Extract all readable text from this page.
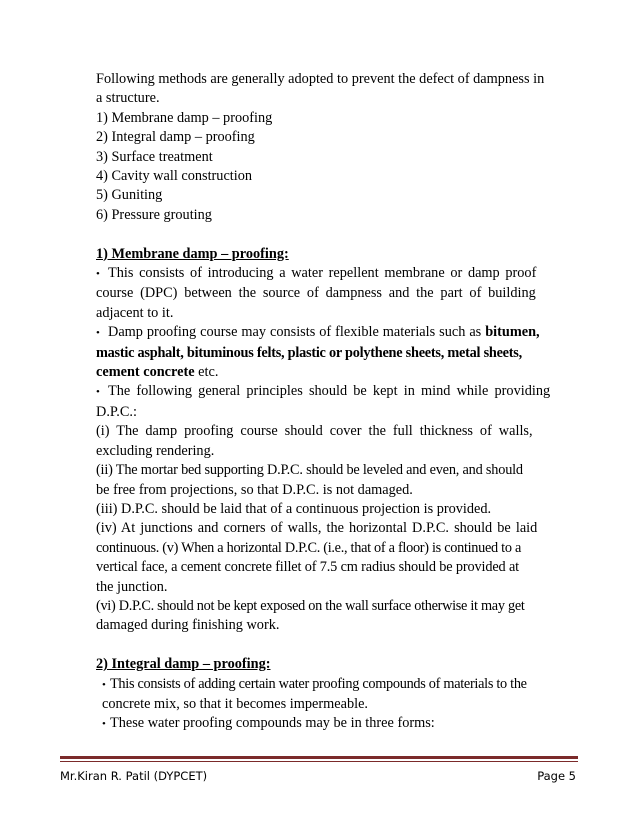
Following methods are generally adopted to prevent the defect of dampness in
a structure.
1) Membrane damp – proofing
2) Integral damp – proofing
3) Surface treatment
4) Cavity wall construction
5) Guniting
6) Pressure grouting
1) Membrane damp – proofing:
• This consists of introducing a water repellent membrane or damp proof
course (DPC) between the source of dampness and the part of building
adjacent to it.
• Damp proofing course may consists of flexible materials such as bitumen,
mastic asphalt, bituminous felts, plastic or polythene sheets, metal sheets,
cement concrete etc.
• The following general principles should be kept in mind while providing
D.P.C.:
(i) The damp proofing course should cover the full thickness of walls,
excluding rendering.
(ii) The mortar bed supporting D.P.C. should be leveled and even, and should
be free from projections, so that D.P.C. is not damaged.
(iii) D.P.C. should be laid that of a continuous projection is provided.
(iv) At junctions and corners of walls, the horizontal D.P.C. should be laid
continuous. (v) When a horizontal D.P.C. (i.e., that of a floor) is continued to a
vertical face, a cement concrete fillet of 7.5 cm radius should be provided at
the junction.
(vi) D.P.C. should not be kept exposed on the wall surface otherwise it may get
damaged during finishing work.
2) Integral damp – proofing:
• This consists of adding certain water proofing compounds of materials to the
concrete mix, so that it becomes impermeable.
• These water proofing compounds may be in three forms:
Mr.Kiran R. Patil (DYPCET)	Page 5
